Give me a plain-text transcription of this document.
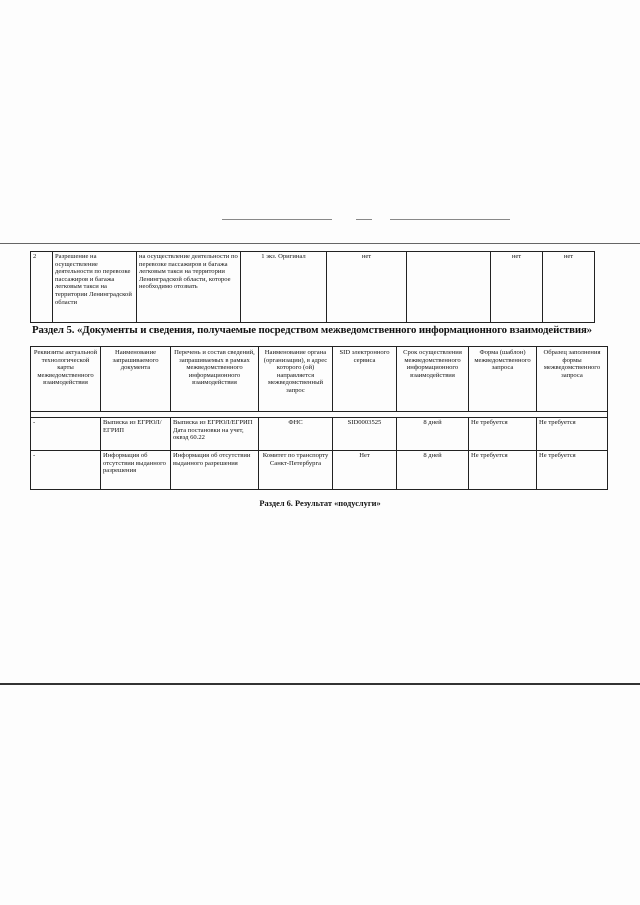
2	Разрешение на осуществление деятельности по перевозке пассажиров и багажа легковым такси на территории Ленинградской области	на осуществление деятельности по перевозке пассажиров и багажа легковым такси на территории Ленинградской области, которое необходимо отозвать	1 экз. Оригинал	нет		нет	нет
Раздел 5. «Документы и сведения, получаемые посредством межведомственного информационного взаимодействия»
Реквизиты актуальной технологической карты межведомственного взаимодействия	Наименование запрашиваемого документа	Перечень и состав сведений, запрашиваемых в рамках межведомственного информационного взаимодействия	Наименование органа (организации), в адрес которого (ой) направляется межведомственный запрос	SID электронного сервиса	Срок осуществления межведомственного информационного взаимодействия	Форма (шаблон) межведомственного запроса	Образец заполнения формы межведомственного запроса

-	Выписка из ЕГРЮЛ/ЕГРИП	Выписка из ЕГРЮЛ/ЕГРИП Дата постановки на учет, оквэд 60.22	ФНС	SID0003525	8 дней	Не требуется	Не требуется
-	Информация об отсутствии выданного разрешения	Информация об отсутствии выданного разрешения	Комитет по транспорту Санкт-Петербурга	Нет	8 дней	Не требуется	Не требуется
Раздел 6. Результат «подуслуги»
